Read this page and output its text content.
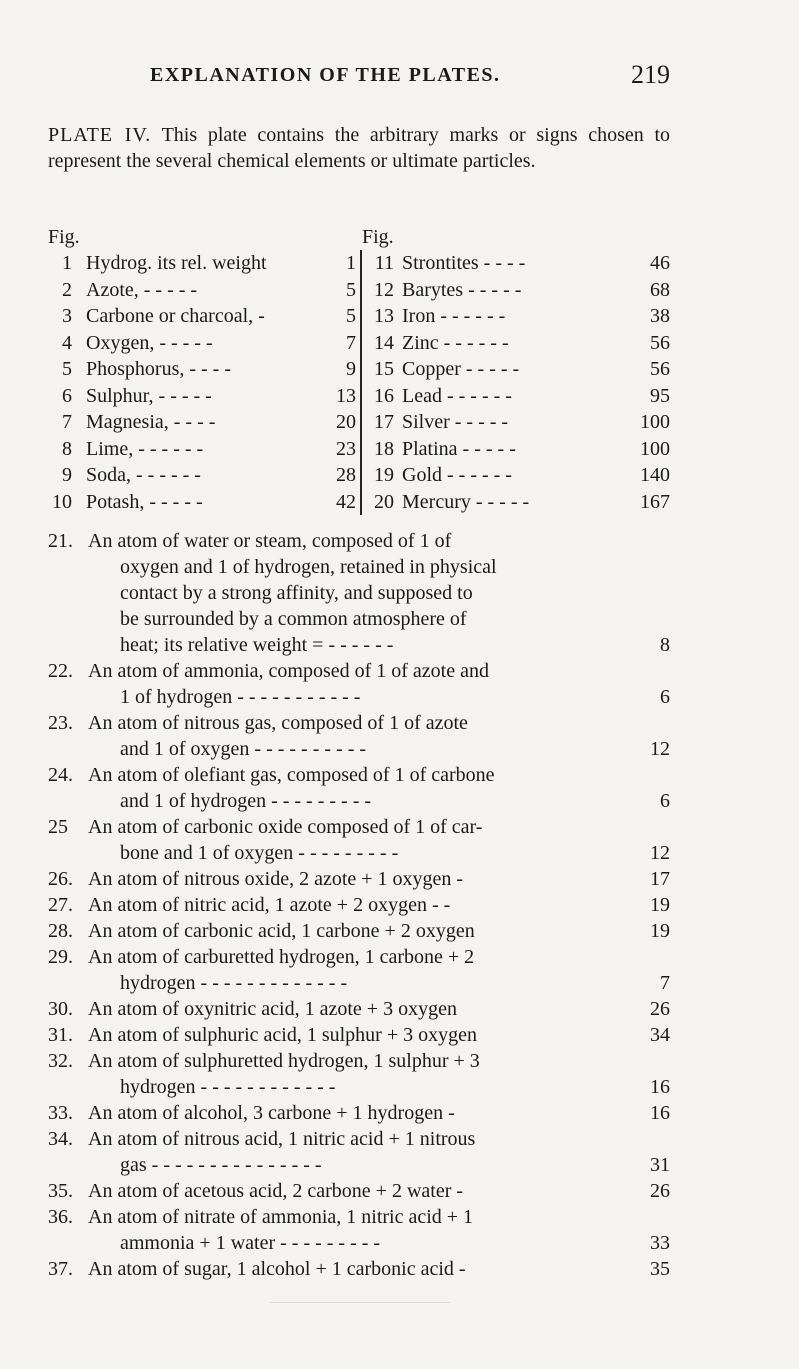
EXPLANATION OF THE PLATES.	219
PLATE IV. This plate contains the arbitrary marks or signs chosen to represent the several chemical elements or ultimate particles.
Fig.	Fig.
1 Hydrog. its rel. weight	1
2 Azote, - - - - -	5
3 Carbone or charcoal, -	5
4 Oxygen, - - - - -	7
5 Phosphorus, - - - -	9
6 Sulphur, - - - - -	13
7 Magnesia, - - - -	20
8 Lime, - - - - - -	23
9 Soda, - - - - - -	28
10 Potash, - - - - -	42
11 Strontites - - - -	46
12 Barytes - - - - -	68
13 Iron - - - - - -	38
14 Zinc - - - - - -	56
15 Copper - - - - -	56
16 Lead - - - - - -	95
17 Silver - - - - -	100
18 Platina - - - - -	100
19 Gold - - - - - -	140
20 Mercury - - - - -	167
21. An atom of water or steam, composed of 1 of
oxygen and 1 of hydrogen, retained in physical
contact by a strong affinity, and supposed to
be surrounded by a common atmosphere of
heat; its relative weight = - - - - - -	8
22. An atom of ammonia, composed of 1 of azote and
1 of hydrogen - - - - - - - - - - -	6
23. An atom of nitrous gas, composed of 1 of azote
and 1 of oxygen - - - - - - - - - -	12
24. An atom of olefiant gas, composed of 1 of carbone
and 1 of hydrogen - - - - - - - - -	6
25 An atom of carbonic oxide composed of 1 of car-
bone and 1 of oxygen - - - - - - - - -	12
26. An atom of nitrous oxide, 2 azote + 1 oxygen -	17
27. An atom of nitric acid, 1 azote + 2 oxygen - -	19
28. An atom of carbonic acid, 1 carbone + 2 oxygen	19
29. An atom of carburetted hydrogen, 1 carbone + 2
hydrogen - - - - - - - - - - - - -	7
30. An atom of oxynitric acid, 1 azote + 3 oxygen	26
31. An atom of sulphuric acid, 1 sulphur + 3 oxygen	34
32. An atom of sulphuretted hydrogen, 1 sulphur + 3
hydrogen - - - - - - - - - - - -	16
33. An atom of alcohol, 3 carbone + 1 hydrogen -	16
34. An atom of nitrous acid, 1 nitric acid + 1 nitrous
gas - - - - - - - - - - - - - - -	31
35. An atom of acetous acid, 2 carbone + 2 water -	26
36. An atom of nitrate of ammonia, 1 nitric acid + 1
ammonia + 1 water - - - - - - - - -	33
37. An atom of sugar, 1 alcohol + 1 carbonic acid -	35
